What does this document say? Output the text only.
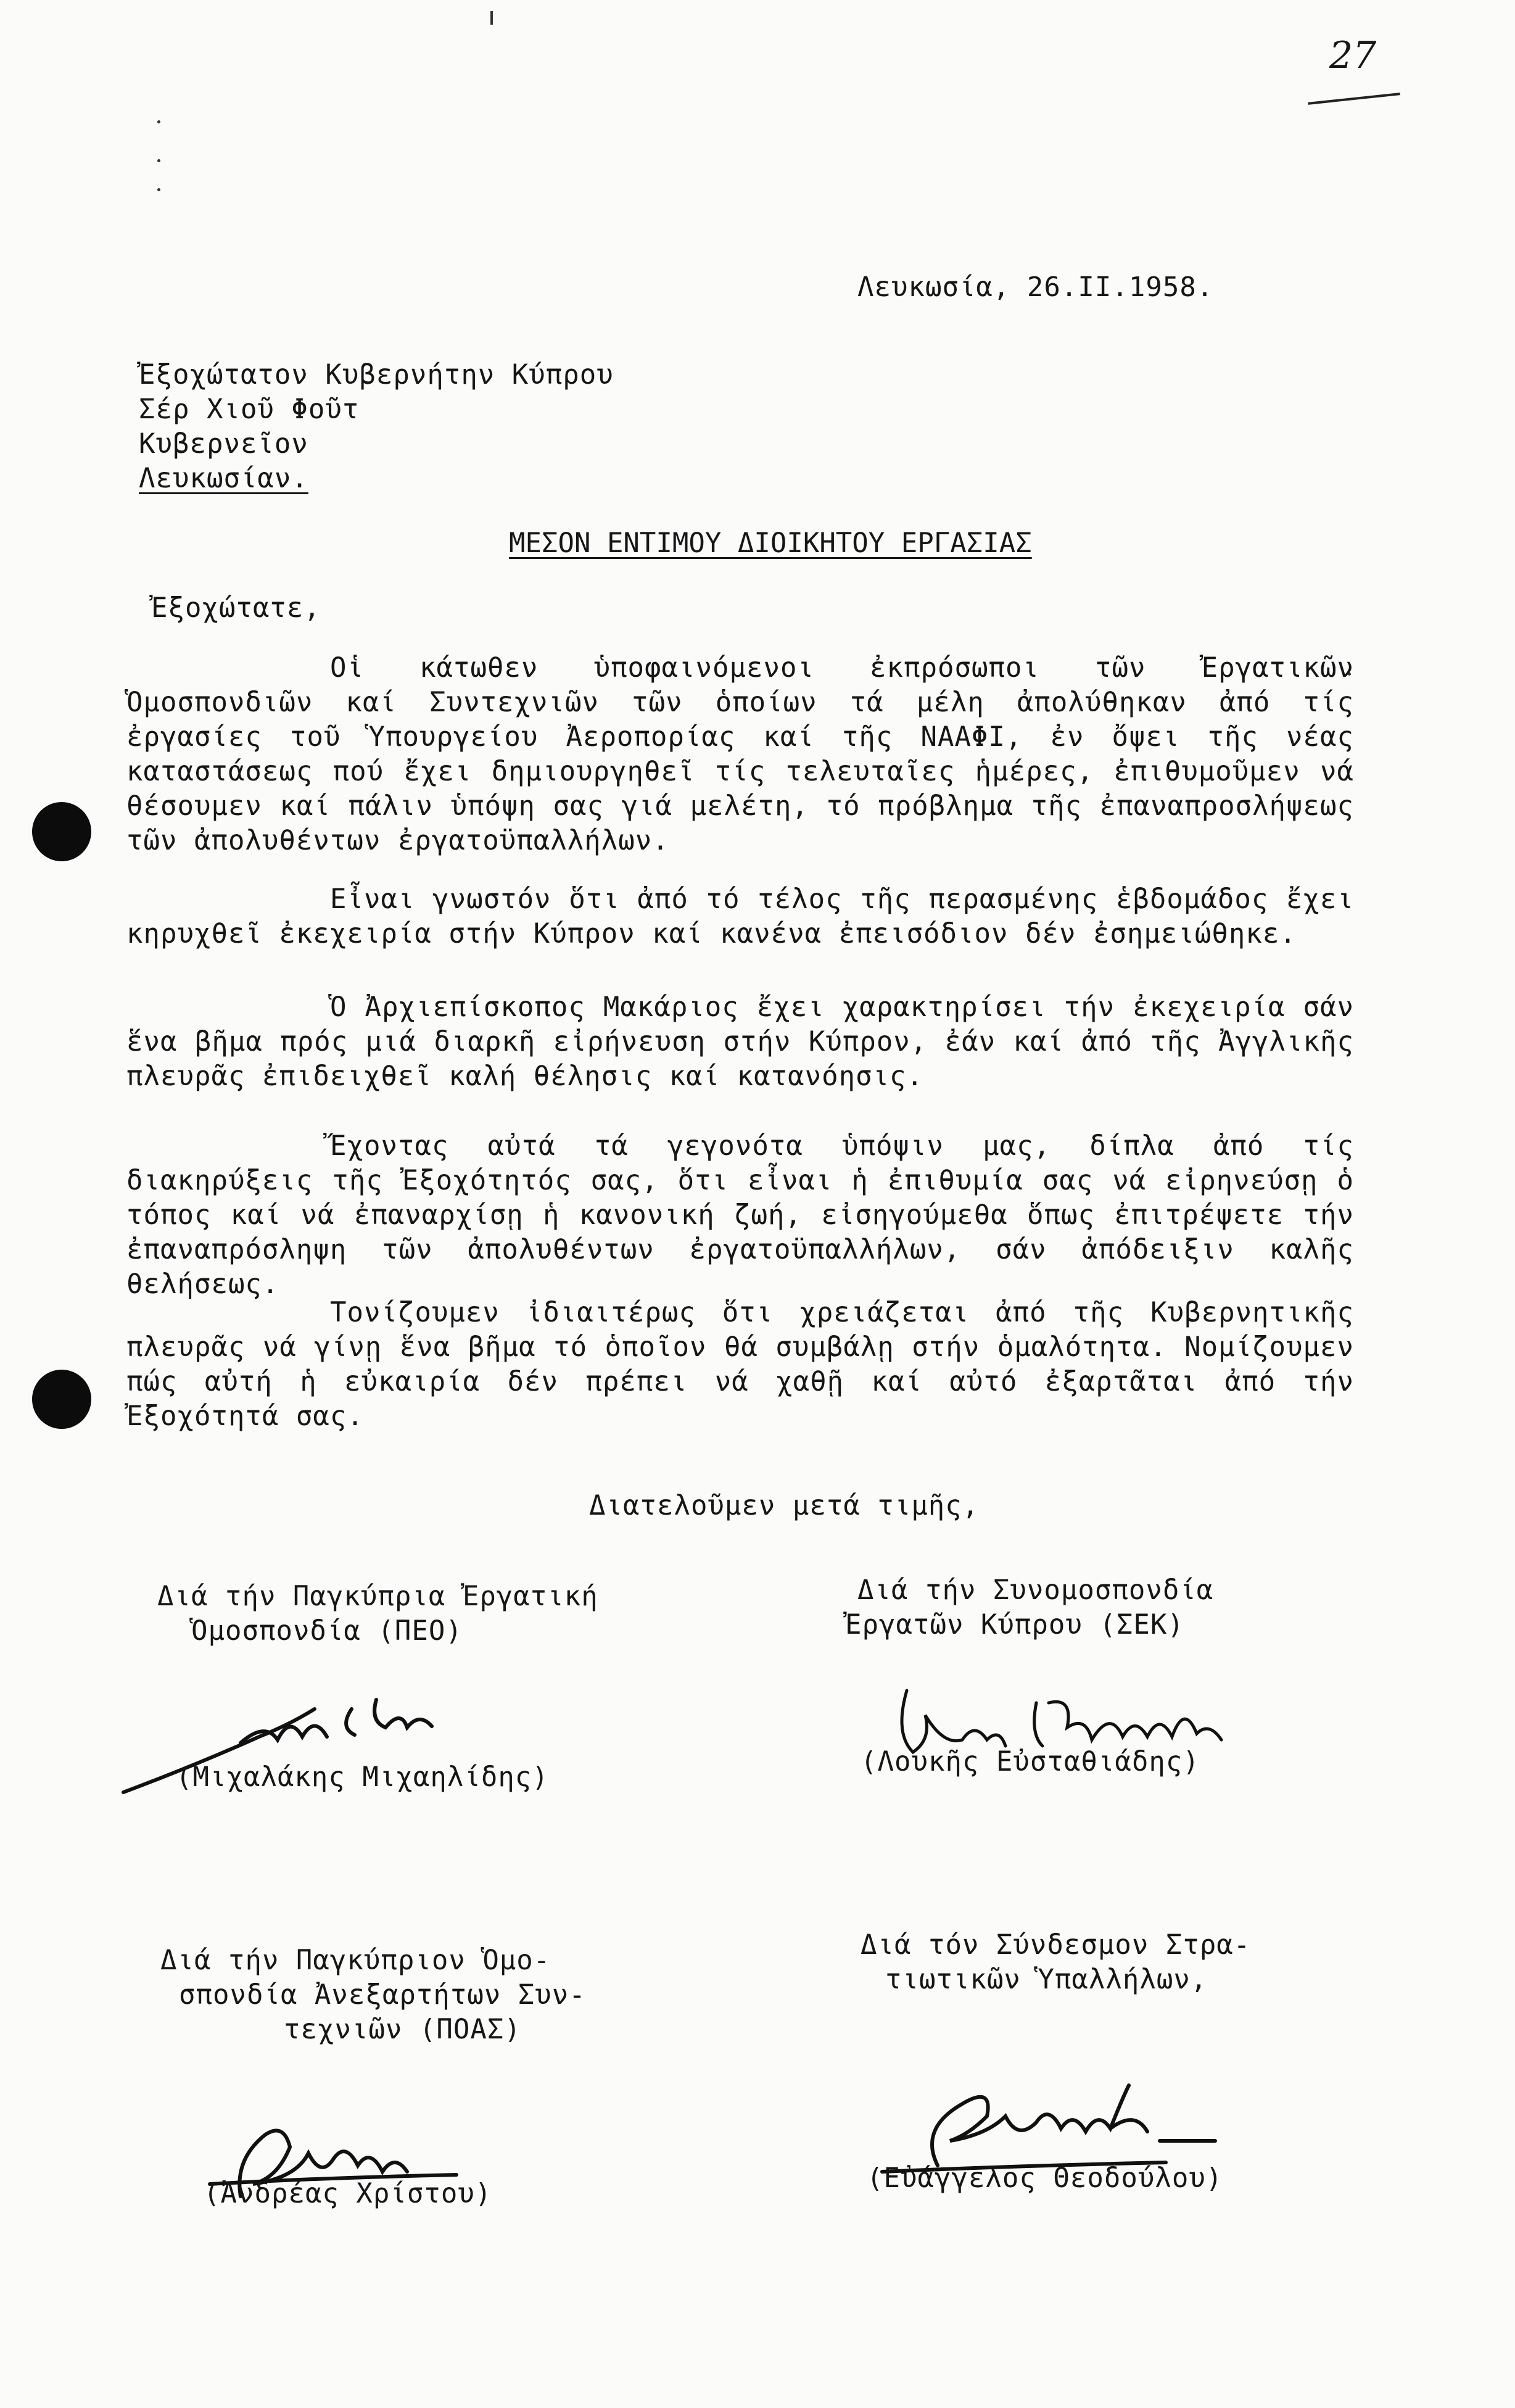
27
Λευκωσία, 26.ΙΙ.1958.
Ἐξοχώτατον Κυβερνήτην Κύπρου
Σέρ Χιοῦ Φοῦτ
Κυβερνεῖον
Λευκωσίαν.
ΜΕΣΟΝ ΕΝΤΙΜΟΥ ΔΙΟΙΚΗΤΟΥ ΕΡΓΑΣΙΑΣ
Ἐξοχώτατε,

Οἱ κάτωθεν ὑποφαινόμενοι ἐκπρόσωποι τῶν Ἐργατικῶν Ὁμοσπονδιῶν καί Συντεχνιῶν τῶν ὁποίων τά μέλη ἀπολύθηκαν ἀπό τίς ἐργασίες τοῦ Ὑπουργείου Ἀεροπορίας καί τῆς ΝΑΑΦΙ, ἐν ὄψει τῆς νέας καταστάσεως πού ἔχει δημιουργηθεῖ τίς τελευταῖες ἡμέρες, ἐπιθυμοῦμεν νά θέσουμεν καί πάλιν ὑπόψη σας γιά μελέτη, τό πρόβλημα τῆς ἐπαναπροσλήψεως τῶν ἀπολυθέντων ἐργατοϋπαλλήλων.

Εἶναι γνωστόν ὅτι ἀπό τό τέλος τῆς περασμένης ἑβδομάδος ἔχει κηρυχθεῖ ἐκεχειρία στήν Κύπρον καί κανένα ἐπεισόδιον δέν ἐσημειώθηκε.

Ὁ Ἀρχιεπίσκοπος Μακάριος ἔχει χαρακτηρίσει τήν ἐκεχειρία σάν ἕνα βῆμα πρός μιά διαρκῆ εἰρήνευση στήν Κύπρον, ἐάν καί ἀπό τῆς Ἀγγλικῆς πλευρᾶς ἐπιδειχθεῖ καλή θέλησις καί κατανόησις.

Ἔχοντας αὐτά τά γεγονότα ὑπόψιν μας, δίπλα ἀπό τίς διακηρύξεις τῆς Ἐξοχότητός σας, ὅτι εἶναι ἡ ἐπιθυμία σας νά εἰρηνεύσῃ ὁ τόπος καί νά ἐπαναρχίσῃ ἡ κανονική ζωή, εἰσηγούμεθα ὅπως ἐπιτρέψετε τήν ἐπαναπρόσληψη τῶν ἀπολυθέντων ἐργατοϋπαλλήλων, σάν ἀπόδειξιν καλῆς θελήσεως.

Τονίζουμεν ἰδιαιτέρως ὅτι χρειάζεται ἀπό τῆς Κυβερνητικῆς πλευρᾶς νά γίνῃ ἕνα βῆμα τό ὁποῖον θά συμβάλῃ στήν ὁμαλότητα. Νομίζουμεν πώς αὐτή ἡ εὐκαιρία δέν πρέπει νά χαθῇ καί αὐτό ἐξαρτᾶται ἀπό τήν Ἐξοχότητά σας.

Διατελοῦμεν μετά τιμῆς,
Διά τήν Παγκύπρια Ἐργατική
Ὁμοσπονδία (ΠΕΟ)
(Μιχαλάκης Μιχαηλίδης)
Διά τήν Συνομοσπονδία
Ἐργατῶν Κύπρου (ΣΕΚ)
(Λουκῆς Εὐσταθιάδης)
Διά τήν Παγκύπριον Ὁμο-
σπονδία Ἀνεξαρτήτων Συν-
τεχνιῶν (ΠΟΑΣ)
(Ἀνδρέας Χρίστου)
Διά τόν Σύνδεσμον Στρα-
τιωτικῶν Ὑπαλλήλων,
(Εὐάγγελος Θεοδούλου)
